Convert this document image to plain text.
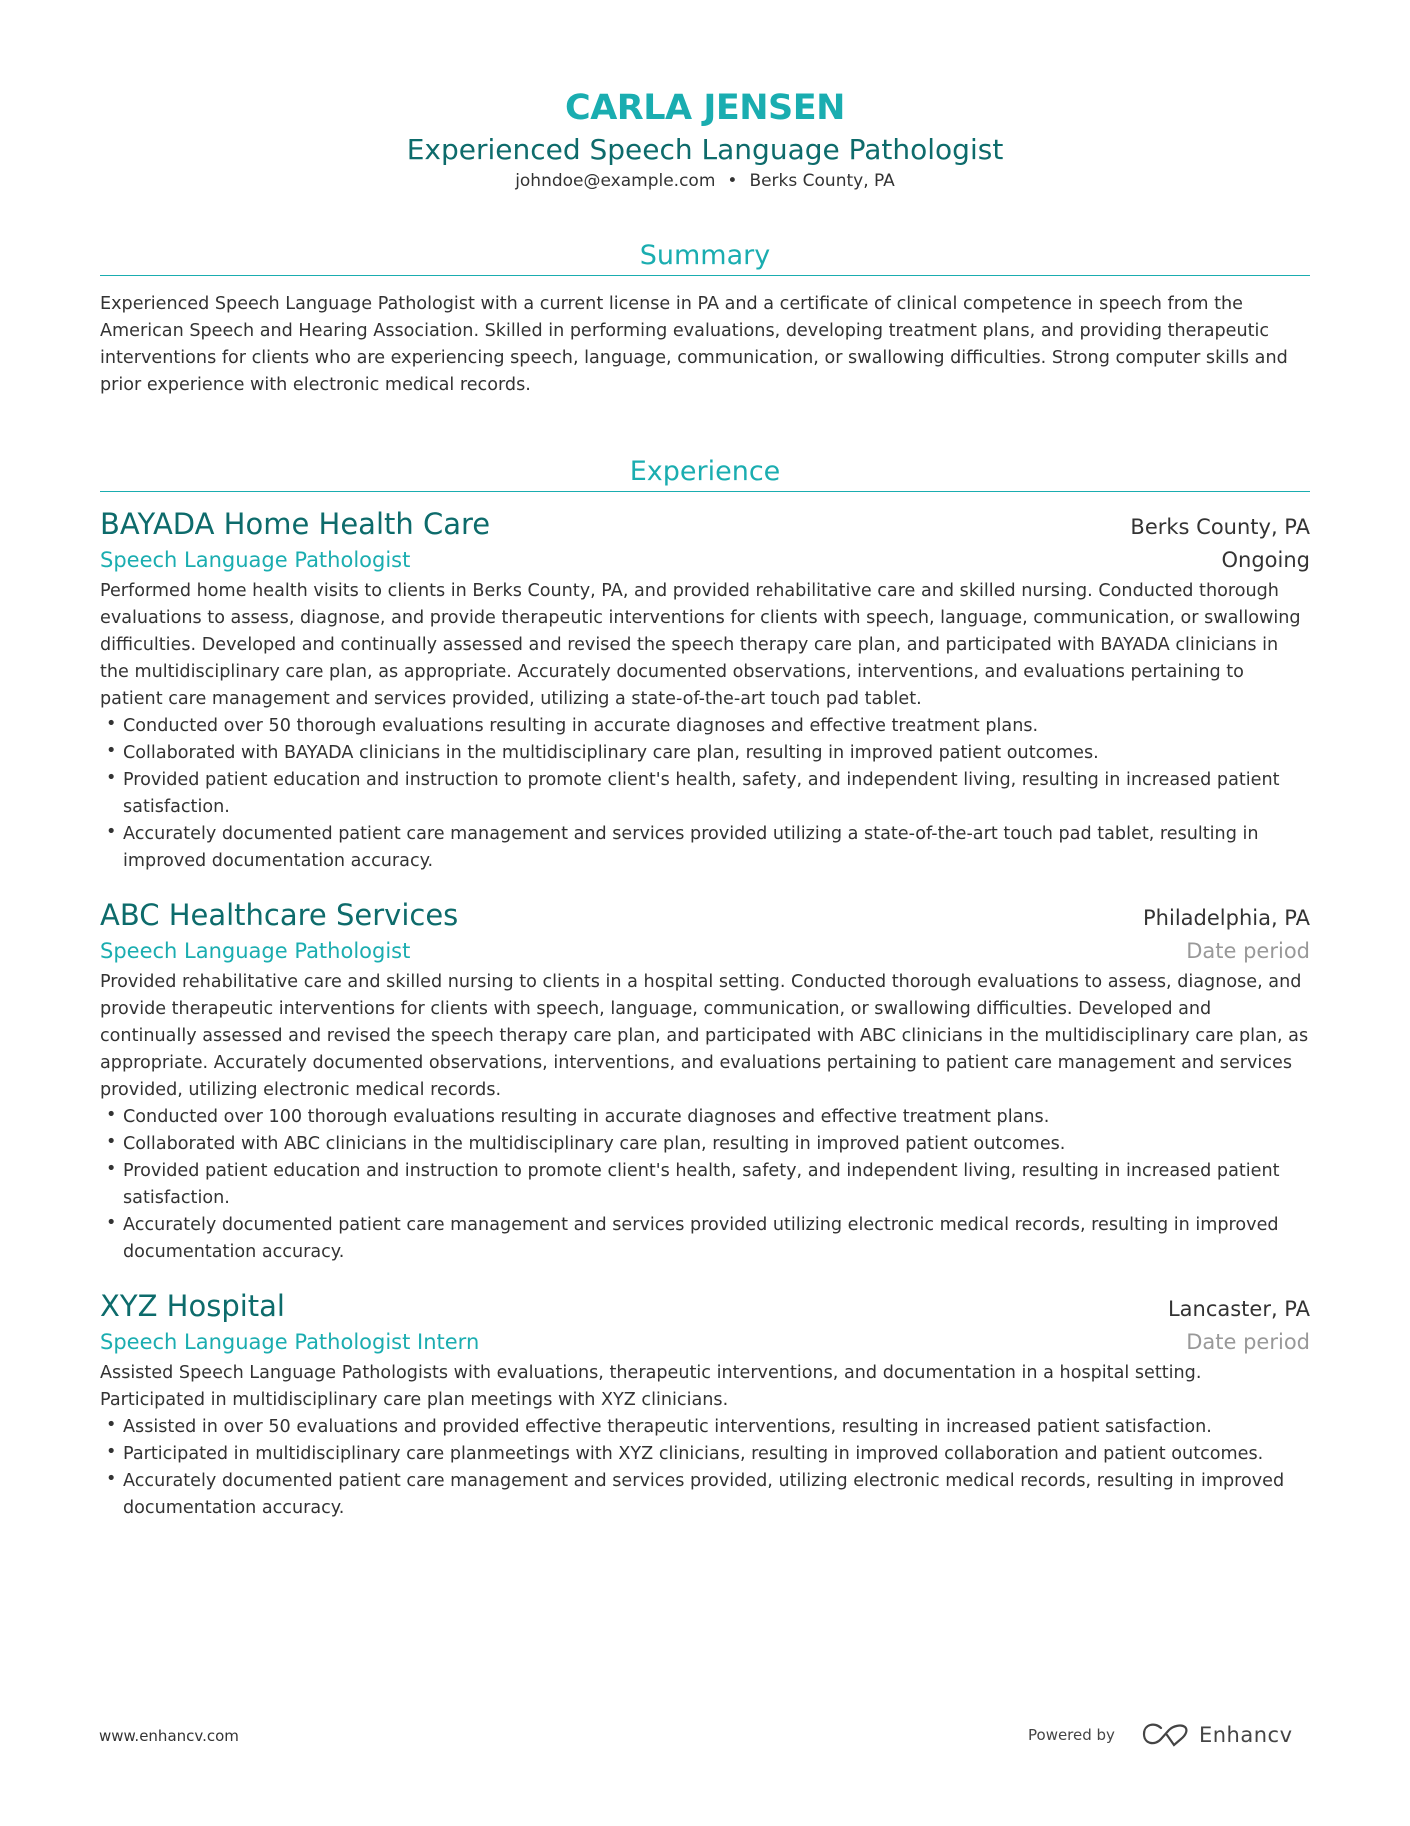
CARLA JENSEN
Experienced Speech Language Pathologist
johndoe@example.com • Berks County, PA
Summary
Experienced Speech Language Pathologist with a current license in PA and a certificate of clinical competence in speech from the American Speech and Hearing Association. Skilled in performing evaluations, developing treatment plans, and providing therapeutic interventions for clients who are experiencing speech, language, communication, or swallowing difficulties. Strong computer skills and prior experience with electronic medical records.
Experience
BAYADA Home Health Care	Berks County, PA
Speech Language Pathologist	Ongoing
Performed home health visits to clients in Berks County, PA, and provided rehabilitative care and skilled nursing. Conducted thorough evaluations to assess, diagnose, and provide therapeutic interventions for clients with speech, language, communication, or swallowing difficulties. Developed and continually assessed and revised the speech therapy care plan, and participated with BAYADA clinicians in the multidisciplinary care plan, as appropriate. Accurately documented observations, interventions, and evaluations pertaining to patient care management and services provided, utilizing a state-of-the-art touch pad tablet.
• Conducted over 50 thorough evaluations resulting in accurate diagnoses and effective treatment plans.
• Collaborated with BAYADA clinicians in the multidisciplinary care plan, resulting in improved patient outcomes.
• Provided patient education and instruction to promote client's health, safety, and independent living, resulting in increased patient satisfaction.
• Accurately documented patient care management and services provided utilizing a state-of-the-art touch pad tablet, resulting in improved documentation accuracy.
ABC Healthcare Services	Philadelphia, PA
Speech Language Pathologist	Date period
Provided rehabilitative care and skilled nursing to clients in a hospital setting. Conducted thorough evaluations to assess, diagnose, and provide therapeutic interventions for clients with speech, language, communication, or swallowing difficulties. Developed and continually assessed and revised the speech therapy care plan, and participated with ABC clinicians in the multidisciplinary care plan, as appropriate. Accurately documented observations, interventions, and evaluations pertaining to patient care management and services provided, utilizing electronic medical records.
• Conducted over 100 thorough evaluations resulting in accurate diagnoses and effective treatment plans.
• Collaborated with ABC clinicians in the multidisciplinary care plan, resulting in improved patient outcomes.
• Provided patient education and instruction to promote client's health, safety, and independent living, resulting in increased patient satisfaction.
• Accurately documented patient care management and services provided utilizing electronic medical records, resulting in improved documentation accuracy.
XYZ Hospital	Lancaster, PA
Speech Language Pathologist Intern	Date period
Assisted Speech Language Pathologists with evaluations, therapeutic interventions, and documentation in a hospital setting. Participated in multidisciplinary care plan meetings with XYZ clinicians.
• Assisted in over 50 evaluations and provided effective therapeutic interventions, resulting in increased patient satisfaction.
• Participated in multidisciplinary care planmeetings with XYZ clinicians, resulting in improved collaboration and patient outcomes.
• Accurately documented patient care management and services provided, utilizing electronic medical records, resulting in improved documentation accuracy.
www.enhancv.com	Powered by	Enhancv
